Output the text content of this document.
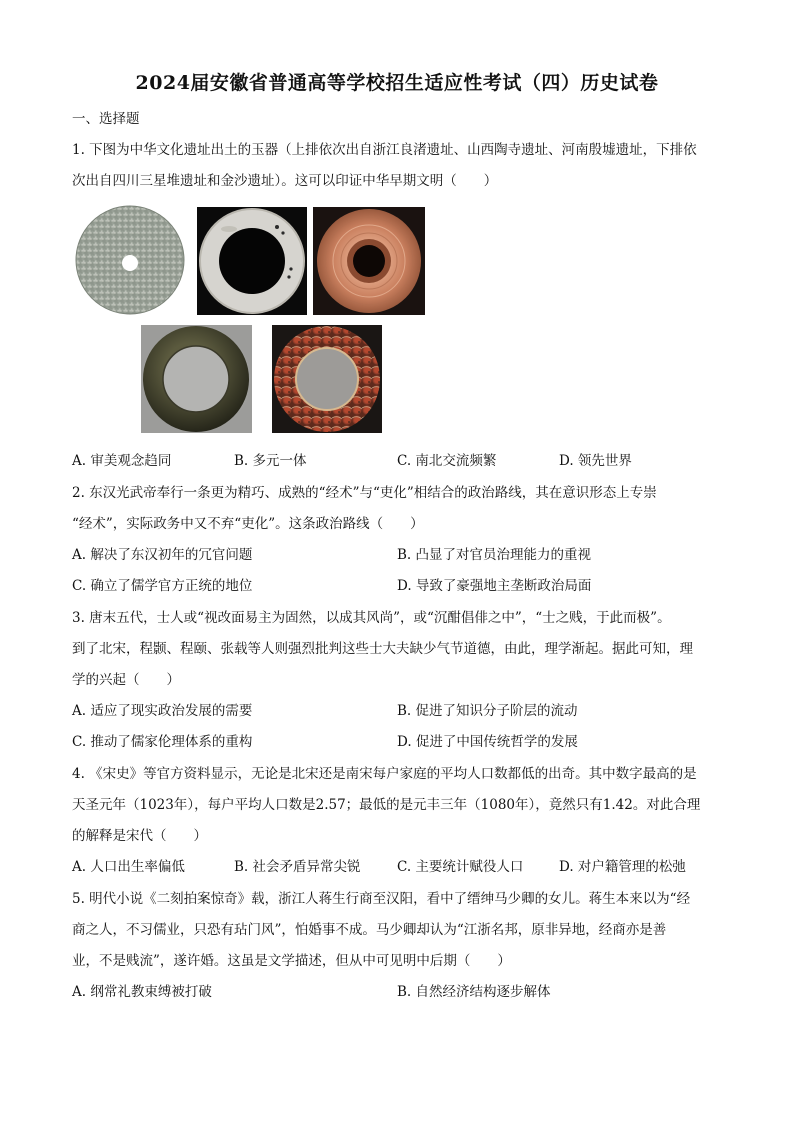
2024届安徽省普通高等学校招生适应性考试（四）历史试卷
一、选择题
1. 下图为中华文化遗址出土的玉器（上排依次出自浙江良渚遗址、山西陶寺遗址、河南殷墟遗址，下排依
次出自四川三星堆遗址和金沙遗址）。这可以印证中华早期文明（　　）
A. 审美观念趋同	B. 多元一体	C. 南北交流频繁	D. 领先世界
2. 东汉光武帝奉行一条更为精巧、成熟的“经术”与“吏化”相结合的政治路线，其在意识形态上专崇
“经术”，实际政务中又不弃“吏化”。这条政治路线（　　）
A. 解决了东汉初年的冗官问题	B. 凸显了对官员治理能力的重视
C. 确立了儒学官方正统的地位	D. 导致了豪强地主垄断政治局面
3. 唐末五代，士人或“视改面易主为固然，以成其风尚”，或“沉酣倡俳之中”，“士之贱，于此而极”。
到了北宋，程颢、程颐、张载等人则强烈批判这些士大夫缺少气节道德，由此，理学渐起。据此可知，理
学的兴起（　　）
A. 适应了现实政治发展的需要	B. 促进了知识分子阶层的流动
C. 推动了儒家伦理体系的重构	D. 促进了中国传统哲学的发展
4. 《宋史》等官方资料显示，无论是北宋还是南宋每户家庭的平均人口数都低的出奇。其中数字最高的是
天圣元年（1023年），每户平均人口数是2.57；最低的是元丰三年（1080年），竟然只有1.42。对此合理
的解释是宋代（　　）
A. 人口出生率偏低	B. 社会矛盾异常尖锐	C. 主要统计赋役人口	D. 对户籍管理的松弛
5. 明代小说《二刻拍案惊奇》载，浙江人蒋生行商至汉阳，看中了缙绅马少卿的女儿。蒋生本来以为“经
商之人，不习儒业，只恐有玷门风”，怕婚事不成。马少卿却认为“江浙名邦，原非异地，经商亦是善
业，不是贱流”，遂许婚。这虽是文学描述，但从中可见明中后期（　　）
A. 纲常礼教束缚被打破	B. 自然经济结构逐步解体
